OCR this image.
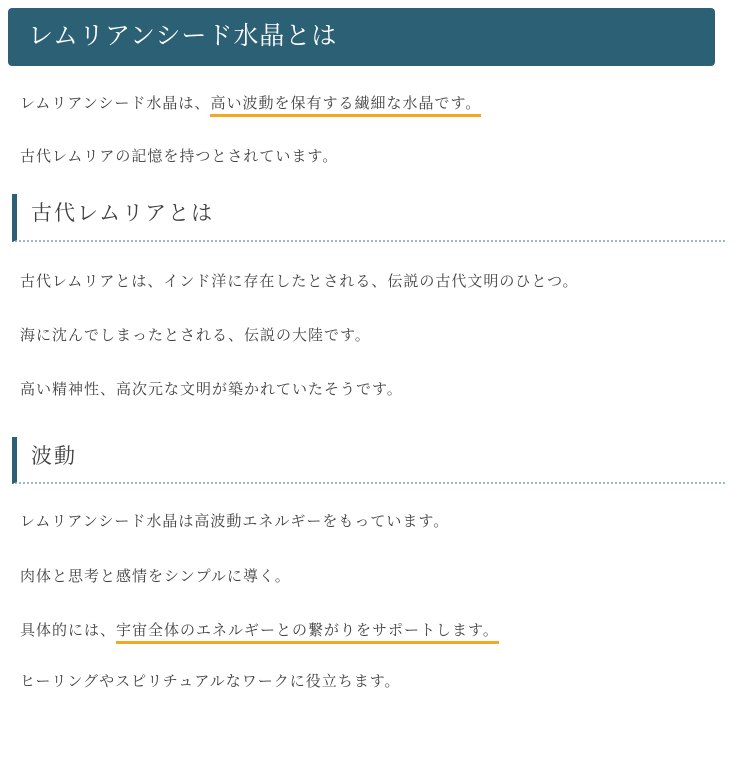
レムリアンシード水晶とは

レムリアンシード水晶は、高い波動を保有する繊細な水晶です。

古代レムリアの記憶を持つとされています。

古代レムリアとは

古代レムリアとは、インド洋に存在したとされる、伝説の古代文明のひとつ。

海に沈んでしまったとされる、伝説の大陸です。

高い精神性、高次元な文明が築かれていたそうです。

波動

レムリアンシード水晶は高波動エネルギーをもっています。

肉体と思考と感情をシンプルに導く。

具体的には、宇宙全体のエネルギーとの繋がりをサポートします。

ヒーリングやスピリチュアルなワークに役立ちます。
